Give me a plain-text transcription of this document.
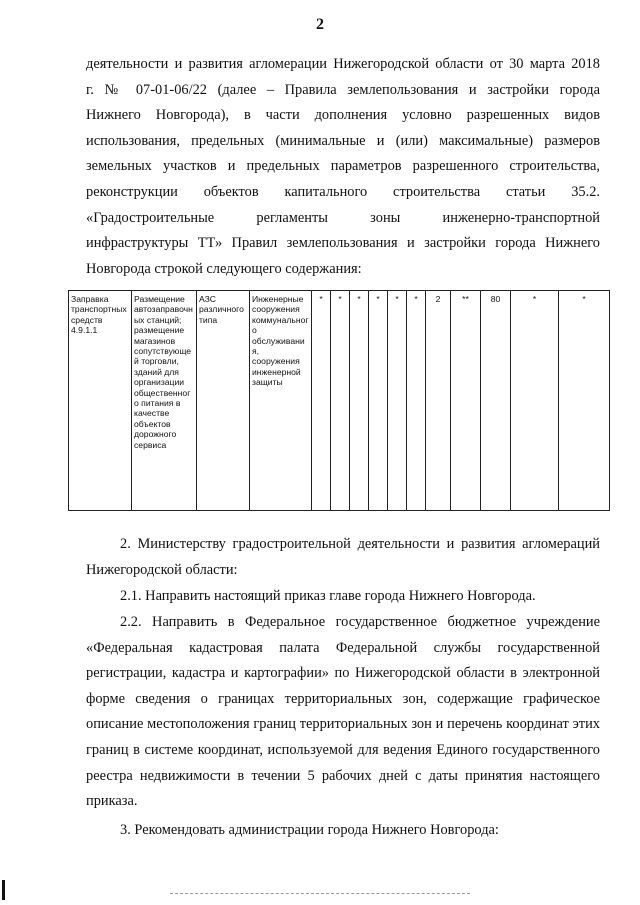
2

деятельности и развития агломерации Нижегородской области от 30 марта 2018
г. № 07-01-06/22 (далее – Правила землепользования и застройки города
Нижнего Новгорода), в части дополнения условно разрешенных видов
использования, предельных (минимальные и (или) максимальные) размеров
земельных участков и предельных параметров разрешенного строительства,
реконструкции объектов капитального строительства статьи 35.2.
«Градостроительные регламенты зоны инженерно-транспортной
инфраструктуры ТТ» Правил землепользования и застройки города Нижнего
Новгорода строкой следующего содержания:

Заправка транспортных средств 4.9.1.1	Размещение автозаправочных станций; размещение магазинов сопутствующей торговли, зданий для организации общественного питания в качестве объектов дорожного сервиса	АЗС различного типа	Инженерные сооружения коммунального обслуживания, сооружения инженерной защиты	*	*	*	*	*	*	2	**	80	*	*

2. Министерству градостроительной деятельности и развития агломераций Нижегородской области:

2.1. Направить настоящий приказ главе города Нижнего Новгорода.

2.2. Направить в Федеральное государственное бюджетное учреждение «Федеральная кадастровая палата Федеральной службы государственной регистрации, кадастра и картографии» по Нижегородской области в электронной форме сведения о границах территориальных зон, содержащие графическое описание местоположения границ территориальных зон и перечень координат этих границ в системе координат, используемой для ведения Единого государственного реестра недвижимости в течении 5 рабочих дней с даты принятия настоящего приказа.

3. Рекомендовать администрации города Нижнего Новгорода:
